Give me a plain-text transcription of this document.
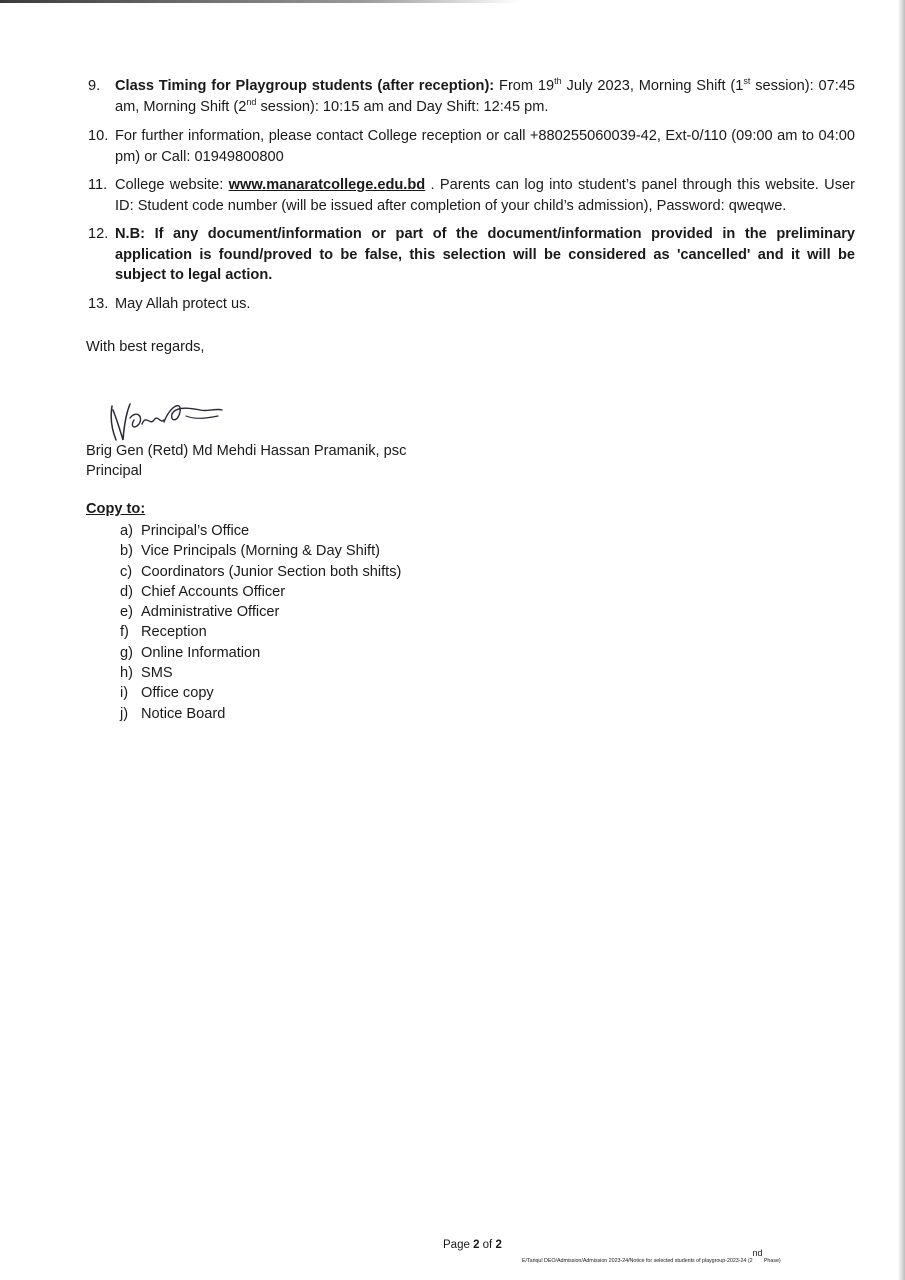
9.	Class Timing for Playgroup students (after reception): From 19th July 2023, Morning Shift (1st session): 07:45 am, Morning Shift (2nd session): 10:15 am and Day Shift: 12:45 pm.
10. For further information, please contact College reception or call +880255060039-42, Ext-0/110 (09:00 am to 04:00 pm) or Call: 01949800800
11. College website: www.manaratcollege.edu.bd . Parents can log into student’s panel through this website. User ID: Student code number (will be issued after completion of your child’s admission), Password: qweqwe.
12. N.B: If any document/information or part of the document/information provided in the preliminary application is found/proved to be false, this selection will be considered as 'cancelled' and it will be subject to legal action.
13. May Allah protect us.
With best regards,
Brig Gen (Retd) Md Mehdi Hassan Pramanik, psc
Principal
Copy to:
a) Principal’s Office
b) Vice Principals (Morning & Day Shift)
c) Coordinators (Junior Section both shifts)
d) Chief Accounts Officer
e) Administrative Officer
f) Reception
g) Online Information
h) SMS
i) Office copy
j) Notice Board
Page 2 of 2
E/Tariqul DEO/Admission/Admission 2023-24/Notice for selected students of playgroup-2023-24 (2nd Phase)
